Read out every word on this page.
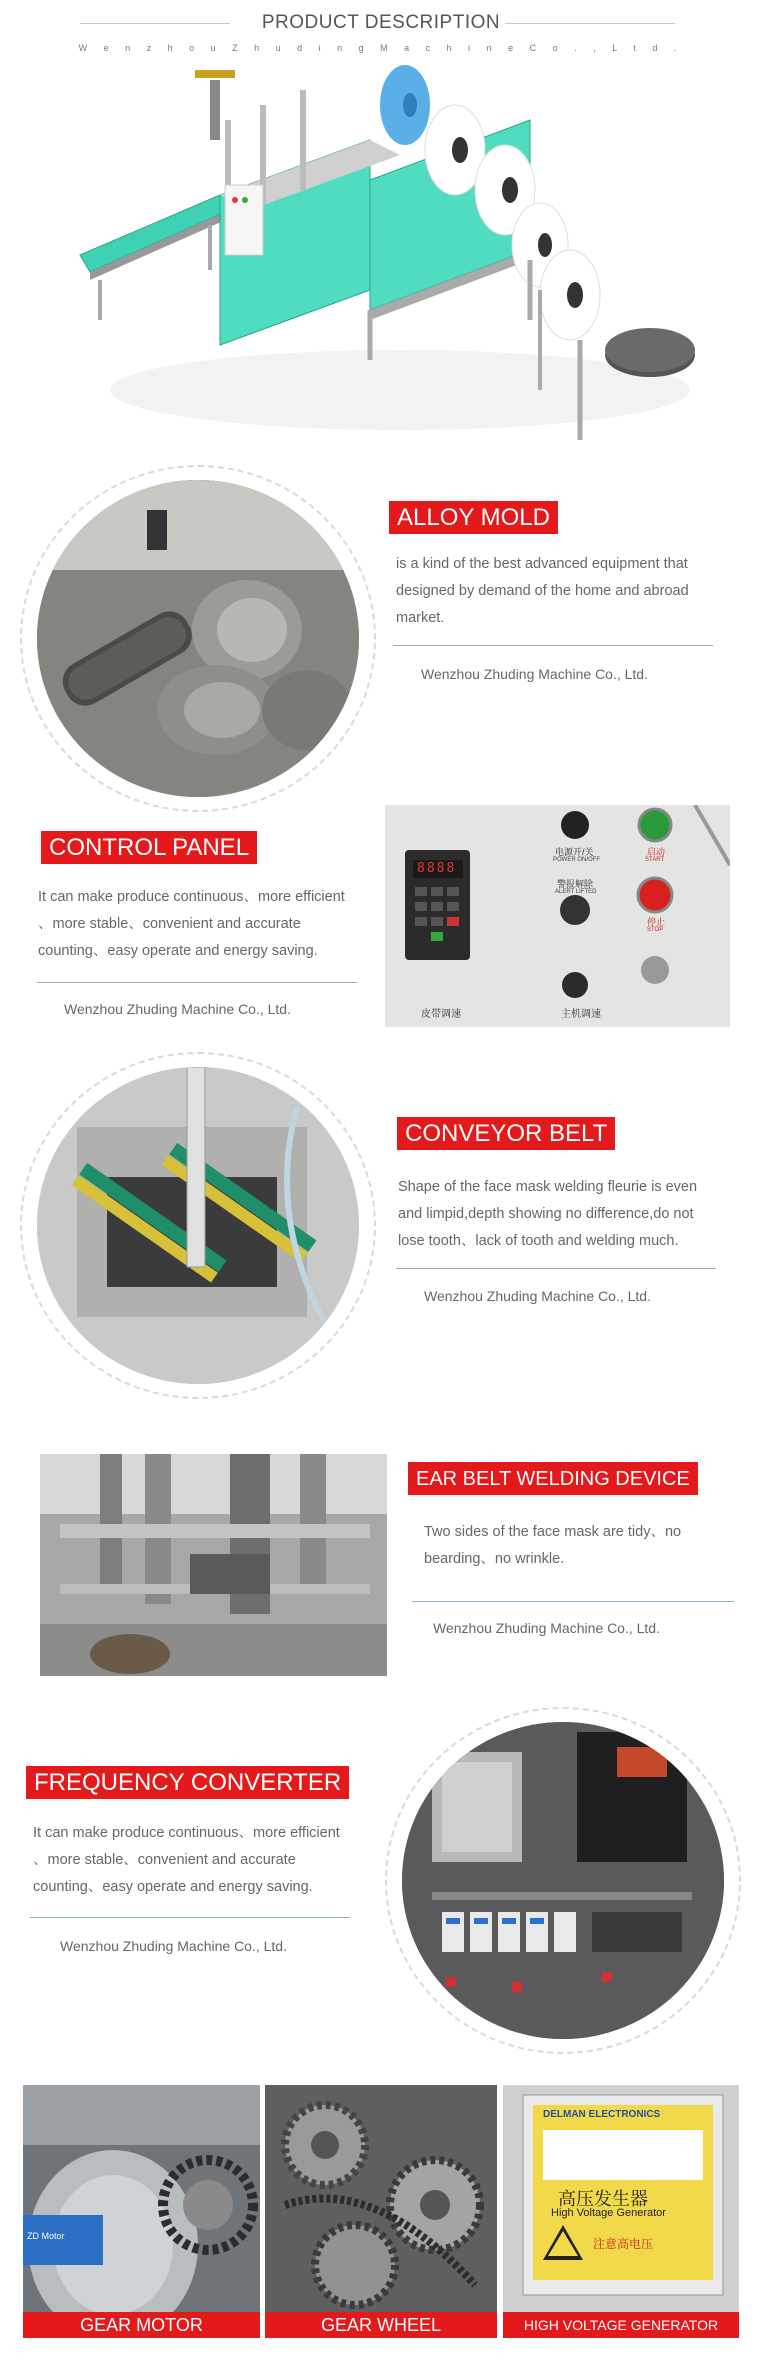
PRODUCT DESCRIPTION
W e n z h o u Z h u d i n g M a c h i n e C o . , L t d .
ALLOY MOLD
is a kind of the best advanced equipment that
designed by demand of the home and abroad
market.
Wenzhou Zhuding Machine Co., Ltd.
CONTROL PANEL
It can make produce continuous、more efficient
、more stable、convenient and accurate
counting、easy operate and energy saving.
Wenzhou Zhuding Machine Co., Ltd.
8888
电源开/关
POWER ON/OFF
启动
START
警报解除
ALERT LIFTED
停止
STOP
皮带调速	主机调速
CONVEYOR BELT
Shape of the face mask welding fleurie is even
and limpid,depth showing no difference,do not
lose tooth、lack of tooth and welding much.
Wenzhou Zhuding Machine Co., Ltd.
EAR BELT WELDING DEVICE
Two sides of the face mask are tidy、no
bearding、no wrinkle.
Wenzhou Zhuding Machine Co., Ltd.
FREQUENCY CONVERTER
It can make produce continuous、more efficient
、more stable、convenient and accurate
counting、easy operate and energy saving.
Wenzhou Zhuding Machine Co., Ltd.
ZD Motor
GEAR MOTOR	GEAR WHEEL
DELMAN ELECTRONICS
高压发生器
High Voltage Generator
注意高电压
HIGH VOLTAGE GENERATOR
